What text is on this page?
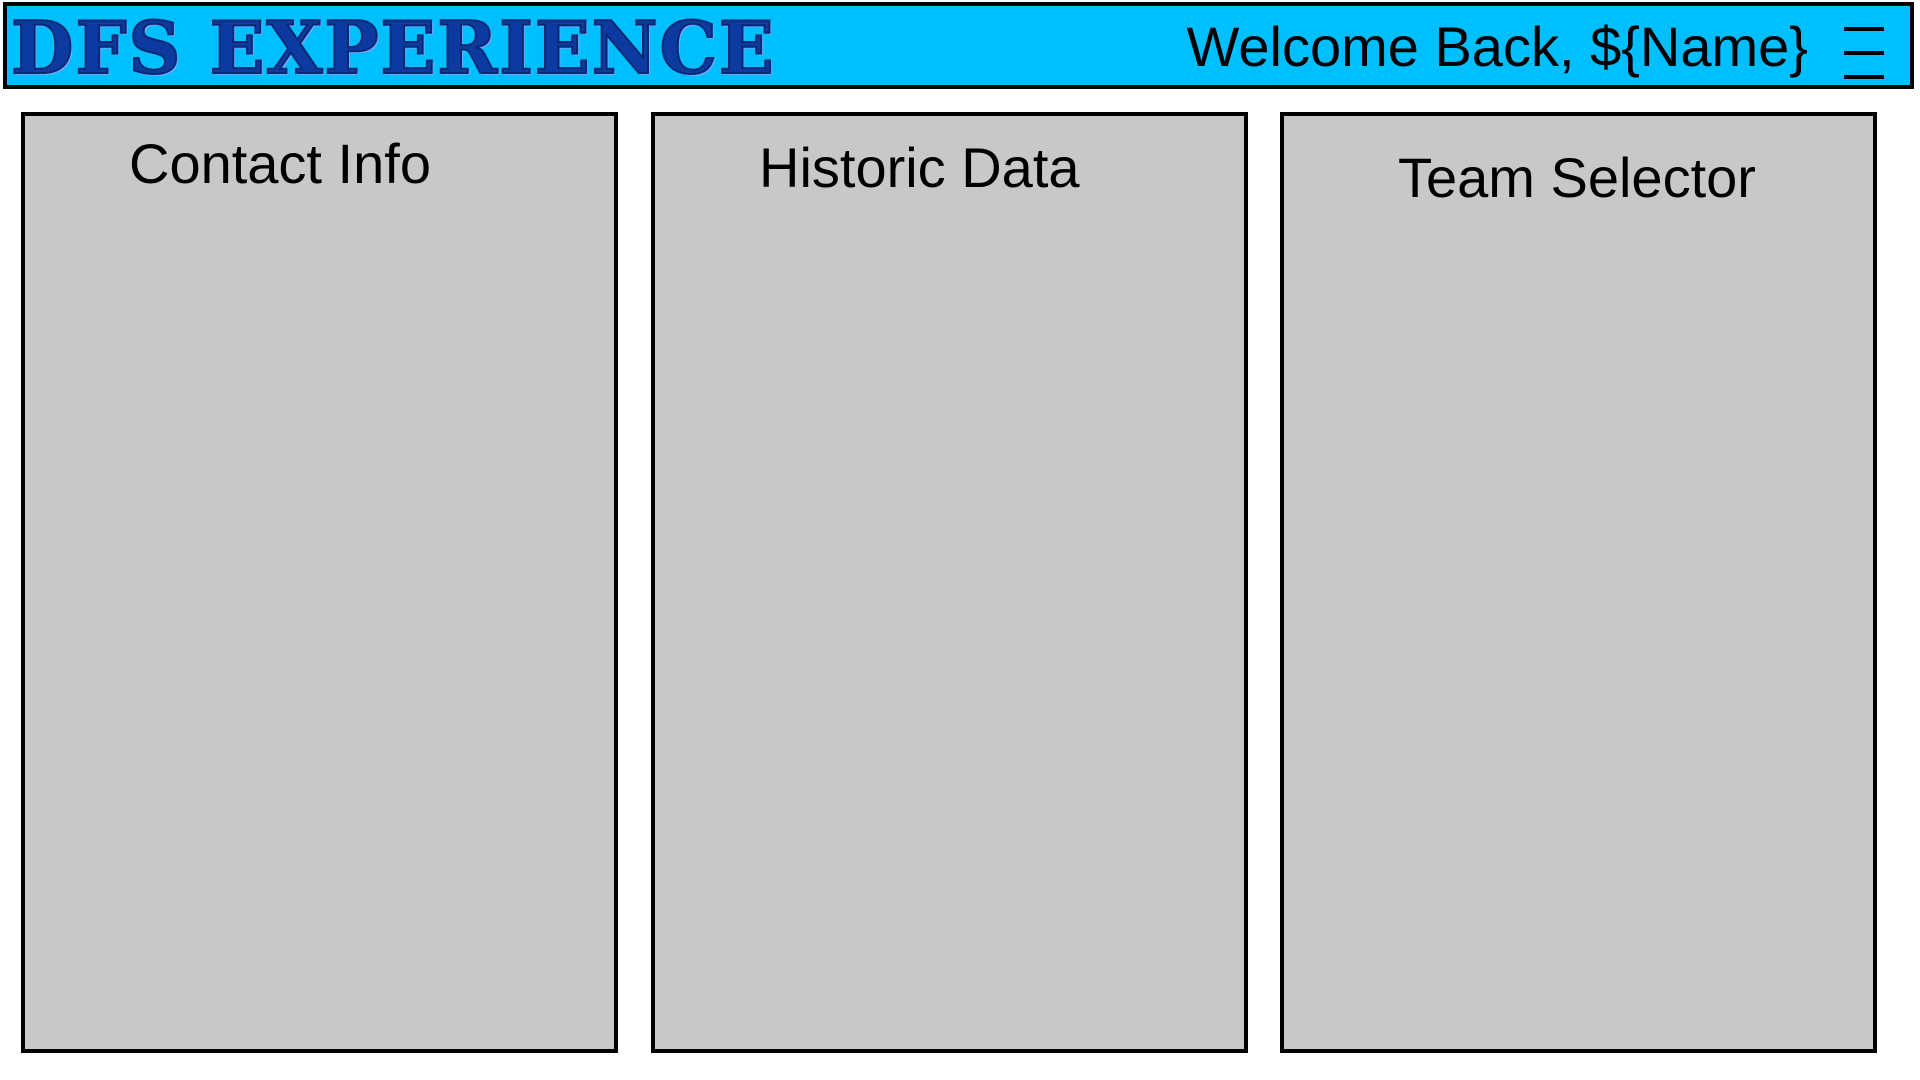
DFS EXPERIENCE	Welcome Back, ${Name}
Contact Info	Historic Data	Team Selector
